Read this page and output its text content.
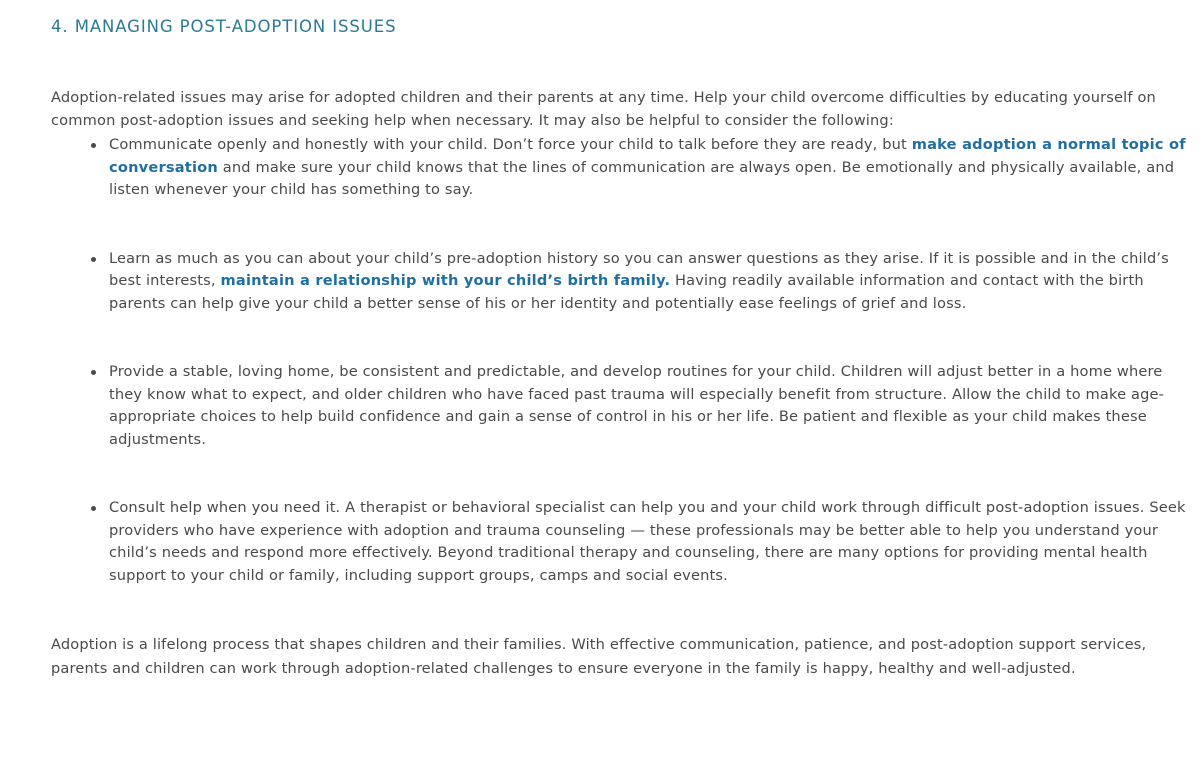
4. MANAGING POST-ADOPTION ISSUES

Adoption-related issues may arise for adopted children and their parents at any time. Help your child overcome difficulties by educating yourself on common post-adoption issues and seeking help when necessary. It may also be helpful to consider the following:

Communicate openly and honestly with your child. Don’t force your child to talk before they are ready, but make adoption a normal topic of conversation and make sure your child knows that the lines of communication are always open. Be emotionally and physically available, and listen whenever your child has something to say.
Learn as much as you can about your child’s pre-adoption history so you can answer questions as they arise. If it is possible and in the child’s best interests, maintain a relationship with your child’s birth family. Having readily available information and contact with the birth parents can help give your child a better sense of his or her identity and potentially ease feelings of grief and loss.
Provide a stable, loving home, be consistent and predictable, and develop routines for your child. Children will adjust better in a home where they know what to expect, and older children who have faced past trauma will especially benefit from structure. Allow the child to make age-appropriate choices to help build confidence and gain a sense of control in his or her life. Be patient and flexible as your child makes these adjustments.
Consult help when you need it. A therapist or behavioral specialist can help you and your child work through difficult post-adoption issues. Seek providers who have experience with adoption and trauma counseling — these professionals may be better able to help you understand your child’s needs and respond more effectively. Beyond traditional therapy and counseling, there are many options for providing mental health support to your child or family, including support groups, camps and social events.

Adoption is a lifelong process that shapes children and their families. With effective communication, patience, and post-adoption support services, parents and children can work through adoption-related challenges to ensure everyone in the family is happy, healthy and well-adjusted.
